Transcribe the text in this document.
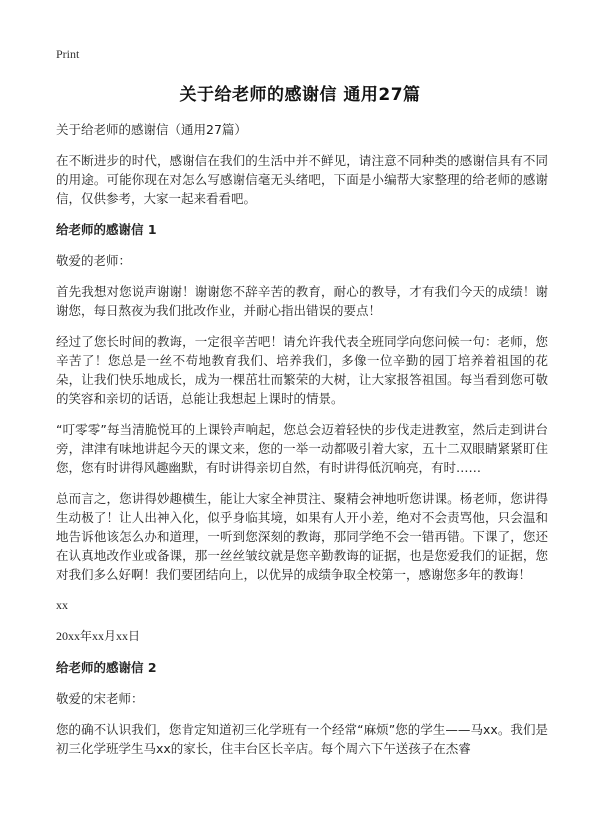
Print
关于给老师的感谢信 通用27篇
关于给老师的感谢信（通用27篇）
在不断进步的时代，感谢信在我们的生活中并不鲜见，请注意不同种类的感谢信具有不同的用途。可能你现在对怎么写感谢信毫无头绪吧，下面是小编帮大家整理的给老师的感谢信，仅供参考，大家一起来看看吧。
给老师的感谢信 1
敬爱的老师：
首先我想对您说声谢谢！谢谢您不辞辛苦的教育，耐心的教导，才有我们今天的成绩！谢谢您，每日熬夜为我们批改作业，并耐心指出错误的要点！
经过了您长时间的教诲，一定很辛苦吧！请允许我代表全班同学向您问候一句：老师，您辛苦了！您总是一丝不苟地教育我们、培养我们，多像一位辛勤的园丁培养着祖国的花朵，让我们快乐地成长，成为一棵茁壮而繁荣的大树，让大家报答祖国。每当看到您可敬的笑容和亲切的话语，总能让我想起上课时的情景。
“叮零零”每当清脆悦耳的上课铃声响起，您总会迈着轻快的步伐走进教室，然后走到讲台旁，津津有味地讲起今天的课文来，您的一举一动都吸引着大家，五十二双眼睛紧紧盯住您，您有时讲得风趣幽默，有时讲得亲切自然，有时讲得低沉响亮，有时……
总而言之，您讲得妙趣横生，能让大家全神贯注、聚精会神地听您讲课。杨老师，您讲得生动极了！让人出神入化，似乎身临其境，如果有人开小差，绝对不会责骂他，只会温和地告诉他该怎么办和道理，一听到您深刻的教诲，那同学绝不会一错再错。下课了，您还在认真地改作业或备课，那一丝丝皱纹就是您辛勤教诲的证据，也是您爱我们的证据，您对我们多么好啊！我们要团结向上，以优异的成绩争取全校第一，感谢您多年的教诲！
xx
20xx年xx月xx日
给老师的感谢信 2
敬爱的宋老师：
您的确不认识我们，您肯定知道初三化学班有一个经常“麻烦”您的学生——马xx。我们是初三化学班学生马xx的家长，住丰台区长辛店。每个周六下午送孩子在杰睿
